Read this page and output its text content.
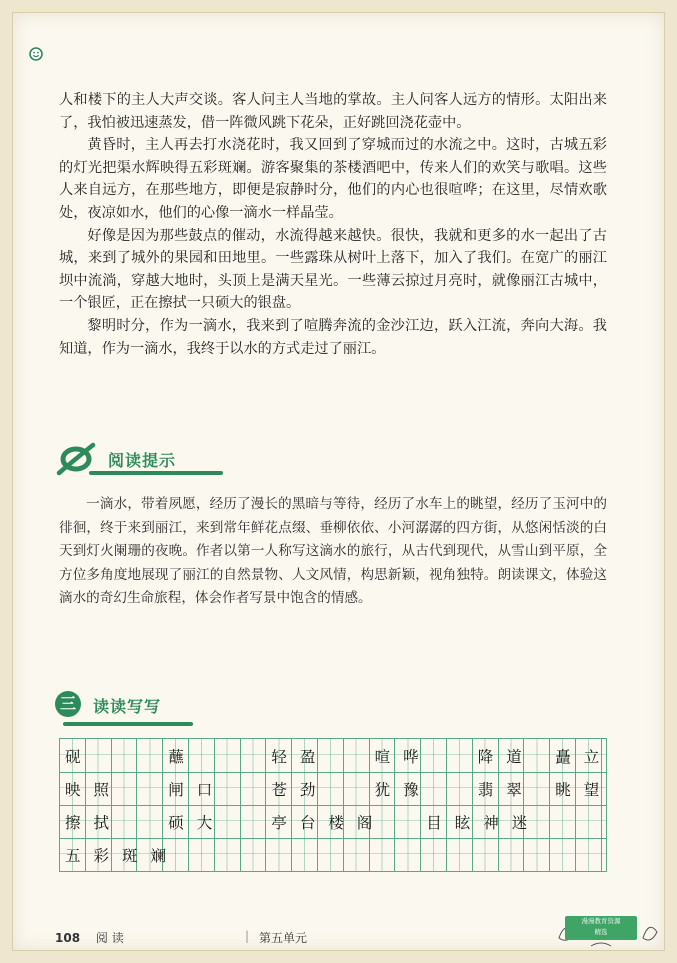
人和楼下的主人大声交谈。客人问主人当地的掌故。主人问客人远方的情形。太阳出来了，我怕被迅速蒸发，借一阵微风跳下花朵，正好跳回浇花壶中。

黄昏时，主人再去打水浇花时，我又回到了穿城而过的水流之中。这时，古城五彩的灯光把渠水辉映得五彩斑斓。游客聚集的茶楼酒吧中，传来人们的欢笑与歌唱。这些人来自远方，在那些地方，即便是寂静时分，他们的内心也很喧哗；在这里，尽情欢歌处，夜凉如水，他们的心像一滴水一样晶莹。

好像是因为那些鼓点的催动，水流得越来越快。很快，我就和更多的水一起出了古城，来到了城外的果园和田地里。一些露珠从树叶上落下，加入了我们。在宽广的丽江坝中流淌，穿越大地时，头顶上是满天星光。一些薄云掠过月亮时，就像丽江古城中，一个银匠，正在擦拭一只硕大的银盘。

黎明时分，作为一滴水，我来到了喧腾奔流的金沙江边，跃入江流，奔向大海。我知道，作为一滴水，我终于以水的方式走过了丽江。

阅读提示

一滴水，带着夙愿，经历了漫长的黑暗与等待，经历了水车上的眺望，经历了玉河中的徘徊，终于来到丽江，来到常年鲜花点缀、垂柳依依、小河潺潺的四方街，从悠闲恬淡的白天到灯火阑珊的夜晚。作者以第一人称写这滴水的旅行，从古代到现代，从雪山到平原，全方位多角度地展现了丽江的自然景物、人文风情，构思新颖，视角独特。朗读课文，体验这滴水的奇幻生命旅程，体会作者写景中饱含的情感。

三	读读写写
砚	蘸	轻盈	喧哗	降道 矗立
映照	闸口	苍劲	犹豫	翡翠 眺望
擦拭	硕大	亭台楼阁	目眩神迷
五彩斑斓
108 阅 读	| 第五单元
漫漫教育资源
精选
